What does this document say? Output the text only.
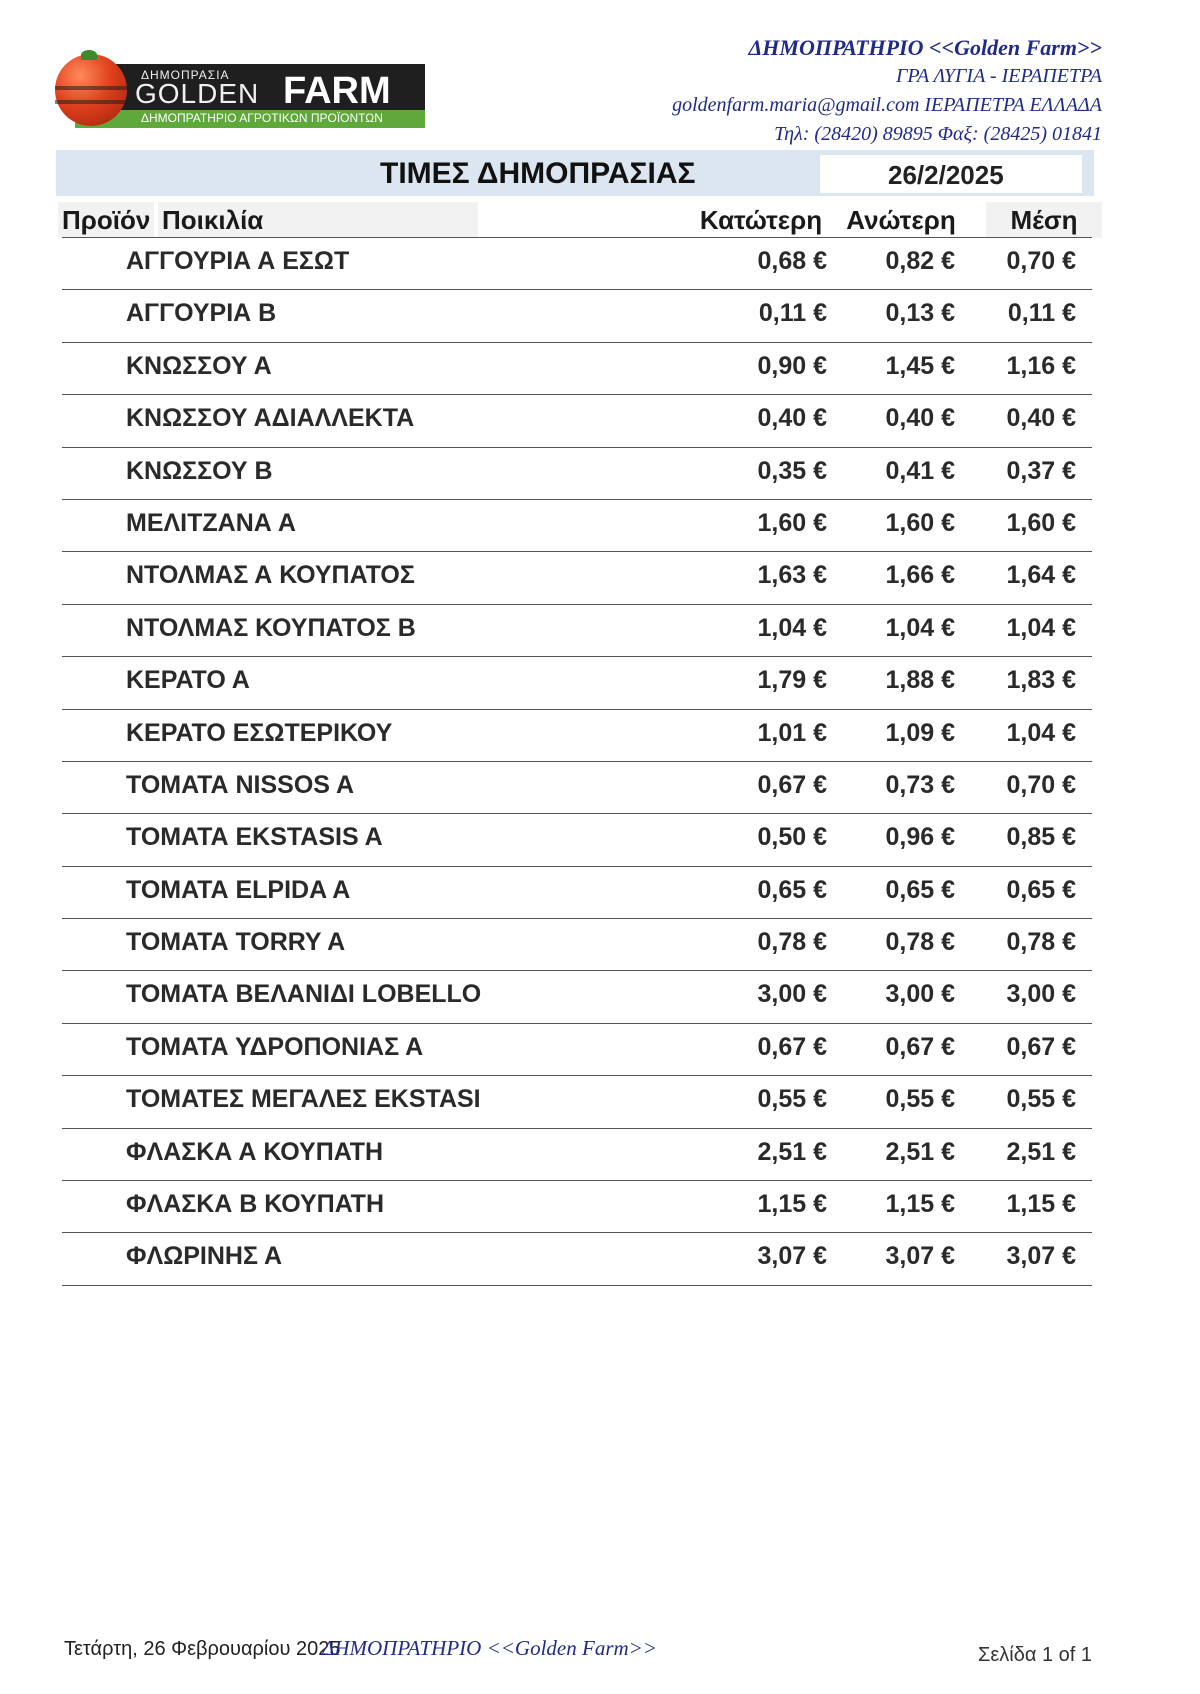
ΔΗΜΟΠΡΑΣΙΑ
GOLDEN FARM
ΔΗΜΟΠΡΑΤΗΡΙΟ ΑΓΡΟΤΙΚΩΝ ΠΡΟΪΟΝΤΩΝ
ΔΗΜΟΠΡΑΤΗΡΙΟ <<Golden Farm>>
ΓΡΑ ΛΥΓΙΑ - ΙΕΡΑΠΕΤΡΑ
goldenfarm.maria@gmail.com ΙΕΡΑΠΕΤΡΑ ΕΛΛΑΔΑ
Τηλ: (28420) 89895 Φαξ: (28425) 01841
ΤΙΜΕΣ ΔΗΜΟΠΡΑΣΙΑΣ	26/2/2025
Προϊόν Ποικιλία	Κατώτερη Ανώτερη	Μέση
ΑΓΓΟΥΡΙΑ Α ΕΣΩΤ	0,68 € 0,82 € 0,70 €
ΑΓΓΟΥΡΙΑ Β	0,11 € 0,13 € 0,11 €
ΚΝΩΣΣΟΥ Α	0,90 € 1,45 € 1,16 €
ΚΝΩΣΣΟΥ ΑΔΙΑΛΛΕΚΤΑ	0,40 € 0,40 € 0,40 €
ΚΝΩΣΣΟΥ Β	0,35 € 0,41 € 0,37 €
ΜΕΛΙΤΖΑΝΑ Α	1,60 € 1,60 € 1,60 €
ΝΤΟΛΜΑΣ Α ΚΟΥΠΑΤΟΣ	1,63 € 1,66 € 1,64 €
ΝΤΟΛΜΑΣ ΚΟΥΠΑΤΟΣ Β	1,04 € 1,04 € 1,04 €
ΚΕΡΑΤΟ Α	1,79 € 1,88 € 1,83 €
ΚΕΡΑΤΟ ΕΣΩΤΕΡΙΚΟΥ	1,01 € 1,09 € 1,04 €
ΤΟΜΑΤΑ NISSOS A	0,67 € 0,73 € 0,70 €
ΤΟΜΑΤΑ EKSTASIS A	0,50 € 0,96 € 0,85 €
ΤΟΜΑΤΑ ELPIDA A	0,65 € 0,65 € 0,65 €
ΤΟΜΑΤΑ TORRY A	0,78 € 0,78 € 0,78 €
ΤΟΜΑΤΑ ΒΕΛΑΝΙΔΙ LOBELLO	3,00 € 3,00 € 3,00 €
ΤΟΜΑΤΑ ΥΔΡΟΠΟΝΙΑΣ Α	0,67 € 0,67 € 0,67 €
ΤΟΜΑΤΕΣ ΜΕΓΑΛΕΣ EKSTASI	0,55 € 0,55 € 0,55 €
ΦΛΑΣΚΑ Α ΚΟΥΠΑΤΗ	2,51 € 2,51 € 2,51 €
ΦΛΑΣΚΑ Β ΚΟΥΠΑΤΗ	1,15 € 1,15 € 1,15 €
ΦΛΩΡΙΝΗΣ Α	3,07 € 3,07 € 3,07 €
Τετάρτη, 26 Φεβρουαρίου 2025
ΔΗΜΟΠΡΑΤΗΡΙΟ <<Golden Farm>>	Σελίδα 1 of 1
